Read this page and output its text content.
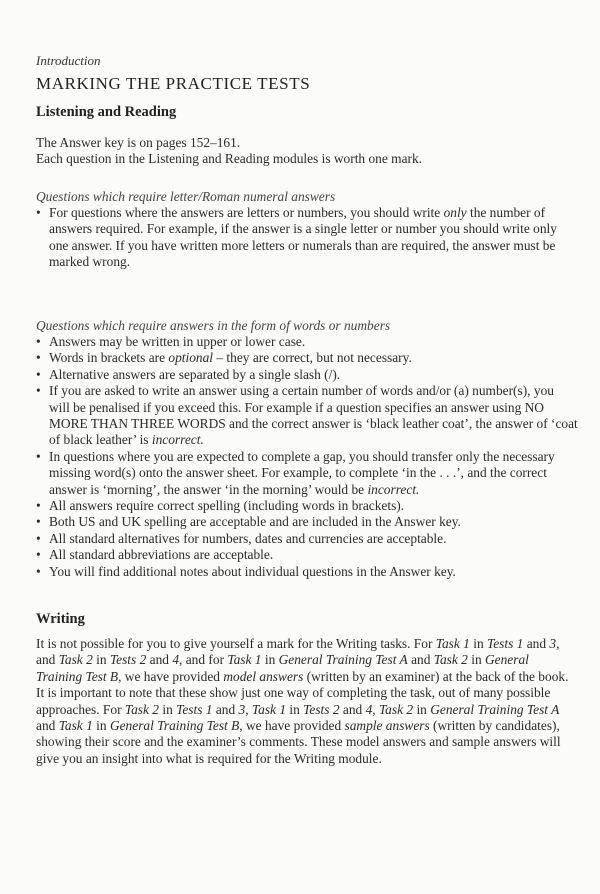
Introduction
MARKING THE PRACTICE TESTS
Listening and Reading
The Answer key is on pages 152–161.
Each question in the Listening and Reading modules is worth one mark.
Questions which require letter/Roman numeral answers
• For questions where the answers are letters or numbers, you should write only the number of answers required. For example, if the answer is a single letter or number you should write only one answer. If you have written more letters or numerals than are required, the answer must be marked wrong.
Questions which require answers in the form of words or numbers
• Answers may be written in upper or lower case.
• Words in brackets are optional – they are correct, but not necessary.
• Alternative answers are separated by a single slash (/).
• If you are asked to write an answer using a certain number of words and/or (a) number(s), you will be penalised if you exceed this. For example if a question specifies an answer using NO MORE THAN THREE WORDS and the correct answer is ‘black leather coat’, the answer of ‘coat of black leather’ is incorrect.
• In questions where you are expected to complete a gap, you should transfer only the necessary missing word(s) onto the answer sheet. For example, to complete ‘in the . . .’, and the correct answer is ‘morning’, the answer ‘in the morning’ would be incorrect.
• All answers require correct spelling (including words in brackets).
• Both US and UK spelling are acceptable and are included in the Answer key.
• All standard alternatives for numbers, dates and currencies are acceptable.
• All standard abbreviations are acceptable.
• You will find additional notes about individual questions in the Answer key.
Writing
It is not possible for you to give yourself a mark for the Writing tasks. For Task 1 in Tests 1 and 3, and Task 2 in Tests 2 and 4, and for Task 1 in General Training Test A and Task 2 in General Training Test B, we have provided model answers (written by an examiner) at the back of the book. It is important to note that these show just one way of completing the task, out of many possible approaches. For Task 2 in Tests 1 and 3, Task 1 in Tests 2 and 4, Task 2 in General Training Test A and Task 1 in General Training Test B, we have provided sample answers (written by candidates), showing their score and the examiner’s comments. These model answers and sample answers will give you an insight into what is required for the Writing module.
